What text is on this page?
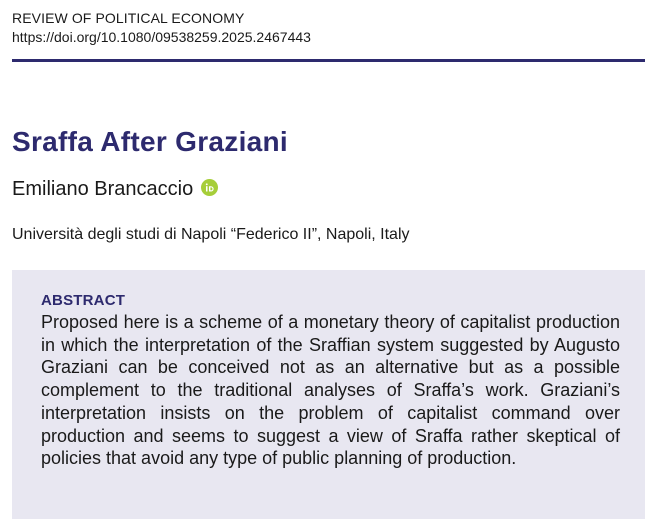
REVIEW OF POLITICAL ECONOMY
https://doi.org/10.1080/09538259.2025.2467443
Sraffa After Graziani
Emiliano Brancaccio
Università degli studi di Napoli “Federico II”, Napoli, Italy
ABSTRACT
Proposed here is a scheme of a monetary theory of capitalist production in which the interpretation of the Sraffian system suggested by Augusto Graziani can be conceived not as an alternative but as a possible complement to the traditional analyses of Sraffa’s work. Graziani’s interpretation insists on the problem of capitalist command over production and seems to suggest a view of Sraffa rather skeptical of policies that avoid any type of public planning of production.
